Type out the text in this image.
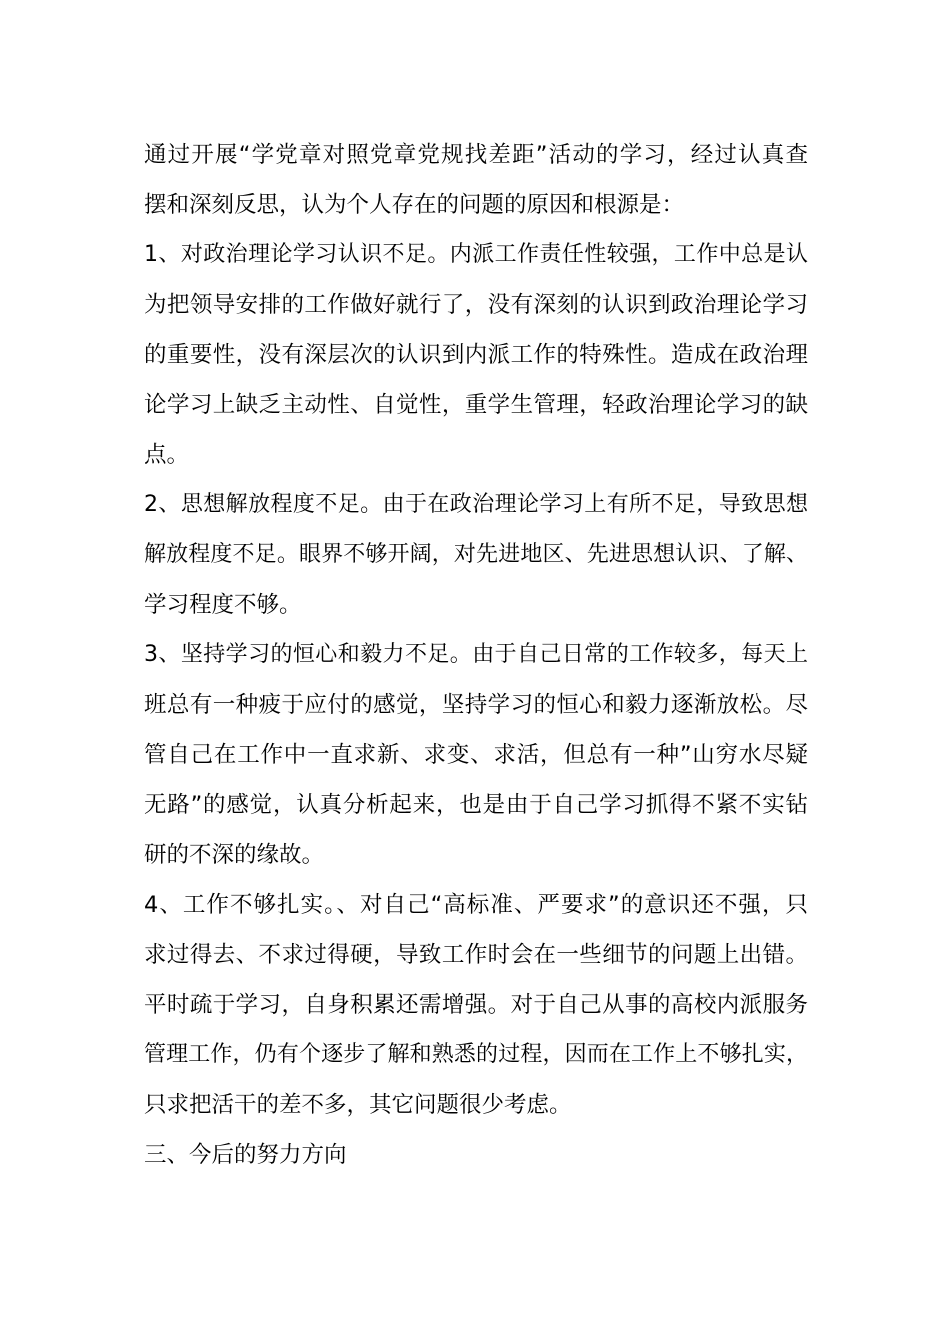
通过开展“学党章对照党章党规找差距”活动的学习，经过认真查
摆和深刻反思，认为个人存在的问题的原因和根源是：
1、对政治理论学习认识不足。内派工作责任性较强，工作中总是认
为把领导安排的工作做好就行了，没有深刻的认识到政治理论学习
的重要性，没有深层次的认识到内派工作的特殊性。造成在政治理
论学习上缺乏主动性、自觉性，重学生管理，轻政治理论学习的缺
点。
2、思想解放程度不足。由于在政治理论学习上有所不足，导致思想
解放程度不足。眼界不够开阔，对先进地区、先进思想认识、了解、
学习程度不够。
3、坚持学习的恒心和毅力不足。由于自己日常的工作较多，每天上
班总有一种疲于应付的感觉，坚持学习的恒心和毅力逐渐放松。尽
管自己在工作中一直求新、求变、求活，但总有一种”山穷水尽疑
无路”的感觉，认真分析起来，也是由于自己学习抓得不紧不实钻
研的不深的缘故。
4、工作不够扎实。、对自己“高标准、严要求”的意识还不强，只
求过得去、不求过得硬，导致工作时会在一些细节的问题上出错。
平时疏于学习，自身积累还需增强。对于自己从事的高校内派服务
管理工作，仍有个逐步了解和熟悉的过程，因而在工作上不够扎实，
只求把活干的差不多，其它问题很少考虑。
三、今后的努力方向
